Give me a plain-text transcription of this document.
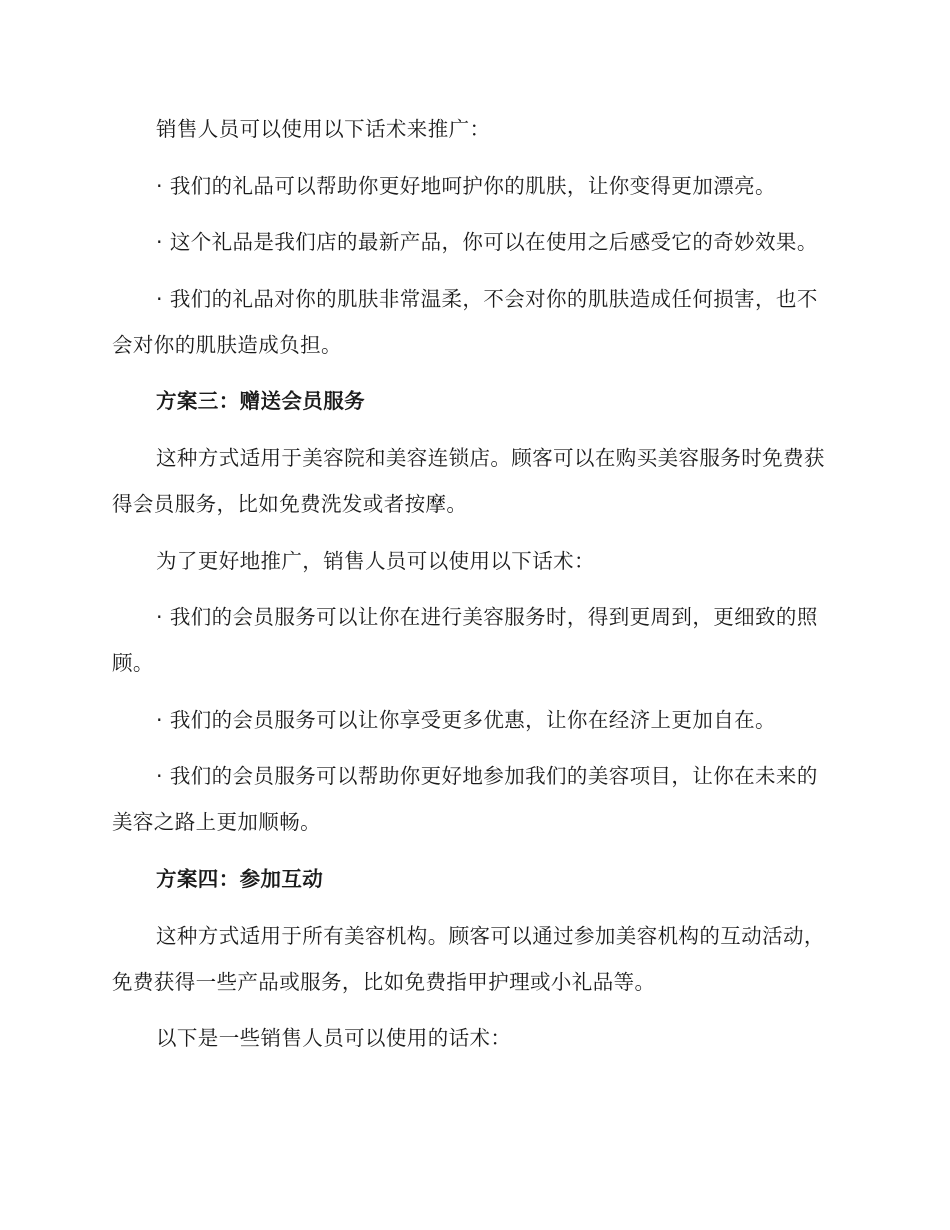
销售人员可以使用以下话术来推广：

· 我们的礼品可以帮助你更好地呵护你的肌肤，让你变得更加漂亮。

· 这个礼品是我们店的最新产品，你可以在使用之后感受它的奇妙效果。

· 我们的礼品对你的肌肤非常温柔，不会对你的肌肤造成任何损害，也不会对你的肌肤造成负担。

方案三：赠送会员服务

这种方式适用于美容院和美容连锁店。顾客可以在购买美容服务时免费获得会员服务，比如免费洗发或者按摩。

为了更好地推广，销售人员可以使用以下话术：

· 我们的会员服务可以让你在进行美容服务时，得到更周到，更细致的照顾。

· 我们的会员服务可以让你享受更多优惠，让你在经济上更加自在。

· 我们的会员服务可以帮助你更好地参加我们的美容项目，让你在未来的美容之路上更加顺畅。

方案四：参加互动

这种方式适用于所有美容机构。顾客可以通过参加美容机构的互动活动，免费获得一些产品或服务，比如免费指甲护理或小礼品等。

以下是一些销售人员可以使用的话术：
